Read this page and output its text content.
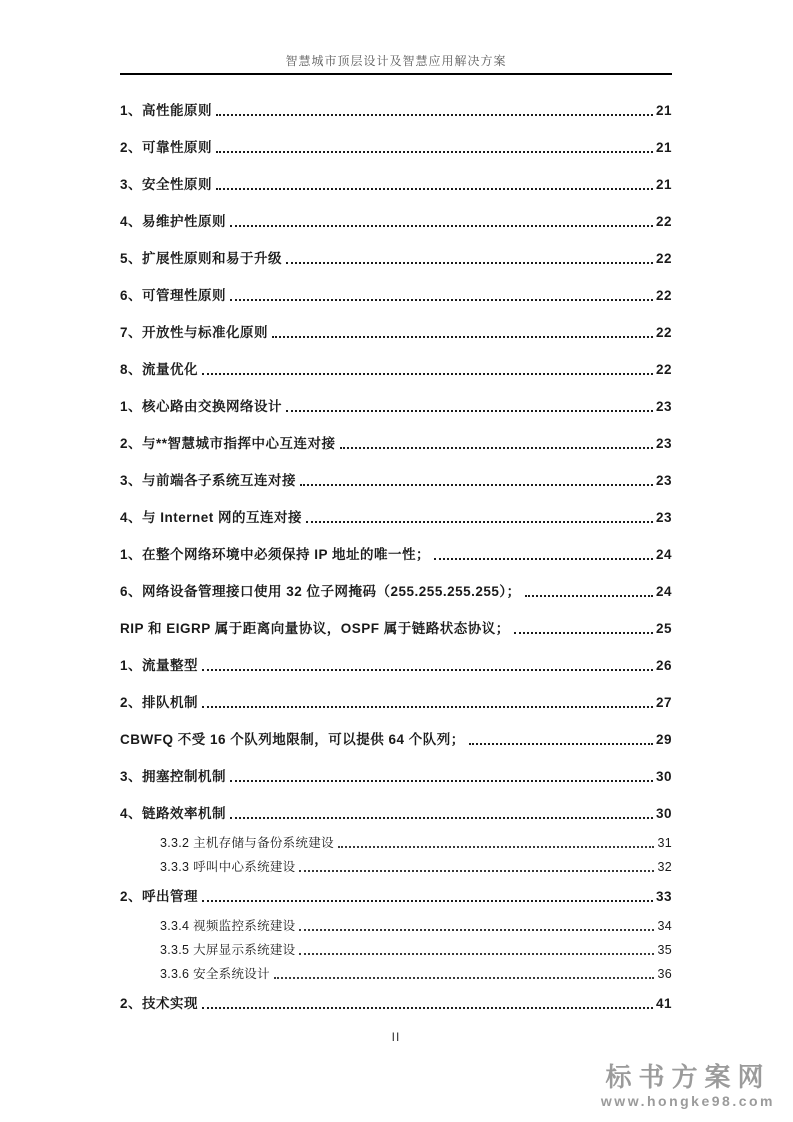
智慧城市顶层设计及智慧应用解决方案
1、高性能原则	21
2、可靠性原则	21
3、安全性原则	21
4、易维护性原则	22
5、扩展性原则和易于升级	22
6、可管理性原则	22
7、开放性与标准化原则	22
8、流量优化	22
1、核心路由交换网络设计	23
2、与**智慧城市指挥中心互连对接	23
3、与前端各子系统互连对接	23
4、与 Internet 网的互连对接	23
1、在整个网络环境中必须保持 IP 地址的唯一性；	24
6、网络设备管理接口使用 32 位子网掩码（255.255.255.255）；	24
RIP 和 EIGRP 属于距离向量协议，OSPF 属于链路状态协议；	25
1、流量整型	26
2、排队机制	27
CBWFQ 不受 16 个队列地限制，可以提供 64 个队列；	29
3、拥塞控制机制	30
4、链路效率机制	30
3.3.2 主机存储与备份系统建设	31
3.3.3 呼叫中心系统建设	32
2、呼出管理	33
3.3.4 视频监控系统建设	34
3.3.5 大屏显示系统建设	35
3.3.6 安全系统设计	36
2、技术实现	41
II
标书方案网
www.hongke98.com
